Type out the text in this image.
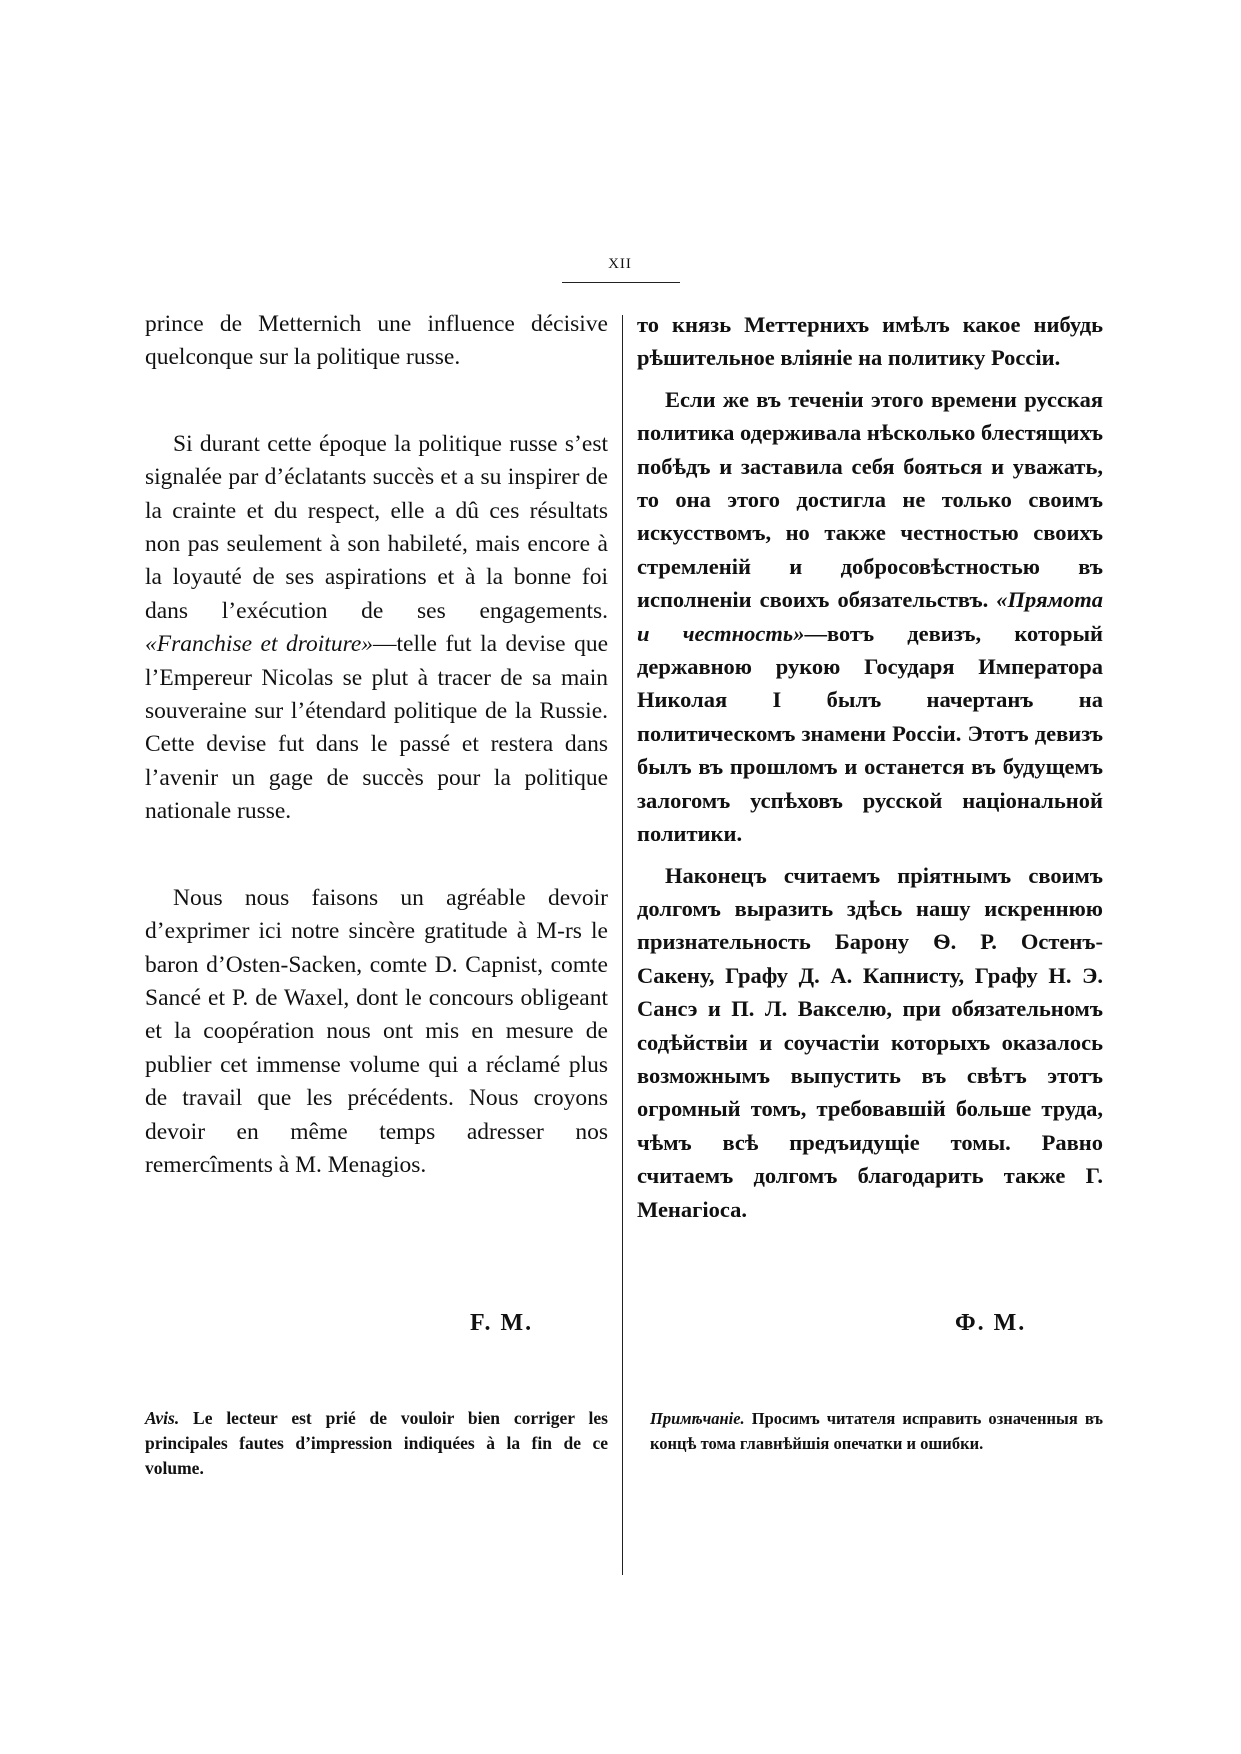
XII

prince de Metternich une influence décisive quelconque sur la politique russe.

Si durant cette époque la politique russe s’est signalée par d’éclatants succès et a su inspirer de la crainte et du respect, elle a dû ces résultats non pas seulement à son habileté, mais encore à la loyauté de ses aspirations et à la bonne foi dans l’exécution de ses engagements. «Franchise et droiture»—telle fut la devise que l’Empereur Nicolas se plut à tracer de sa main souveraine sur l’étendard politique de la Russie. Cette devise fut dans le passé et restera dans l’avenir un gage de succès pour la politique nationale russe.

Nous nous faisons un agréable devoir d’exprimer ici notre sincère gratitude à M-rs le baron d’Osten-Sacken, comte D. Capnist, comte Sancé et P. de Waxel, dont le concours obligeant et la coopération nous ont mis en mesure de publier cet immense volume qui a réclamé plus de travail que les précédents. Nous croyons devoir en même temps adresser nos remercîments à M. Menagios.

то князь Меттернихъ имѣлъ какое нибудь рѣшительное вліяніе на политику Россіи.

Если же въ теченіи этого времени русская политика одерживала нѣсколько блестящихъ побѣдъ и заставила себя бояться и уважать, то она этого достигла не только своимъ искусствомъ, но также честностью своихъ стремленій и добросовѣстностью въ исполненіи своихъ обязательствъ. «Прямота и честность»—вотъ девизъ, который державною рукою Государя Императора Николая I былъ начертанъ на политическомъ знамени Россіи. Этотъ девизъ былъ въ прошломъ и останется въ будущемъ залогомъ успѣховъ русской національной политики.

Наконецъ считаемъ пріятнымъ своимъ долгомъ выразить здѣсь нашу искреннюю признательность Барону Ѳ. Р. Остенъ-Сакену, Графу Д. А. Капнисту, Графу Н. Э. Сансэ и П. Л. Вакселю, при обязательномъ содѣйствіи и соучастіи которыхъ оказалось возможнымъ выпустить въ свѣтъ этотъ огромный томъ, требовавшій больше труда, чѣмъ всѣ предъидущіе томы. Равно считаемъ долгомъ благодарить также Г. Менагіоса.

F. M.	Ф. М.
Avis. Le lecteur est prié de vouloir bien corriger les principales fautes d’impression indiquées à la fin de ce volume.
Примѣчаніе. Просимъ читателя исправить означенныя въ концѣ тома главнѣйшія опечатки и ошибки.
